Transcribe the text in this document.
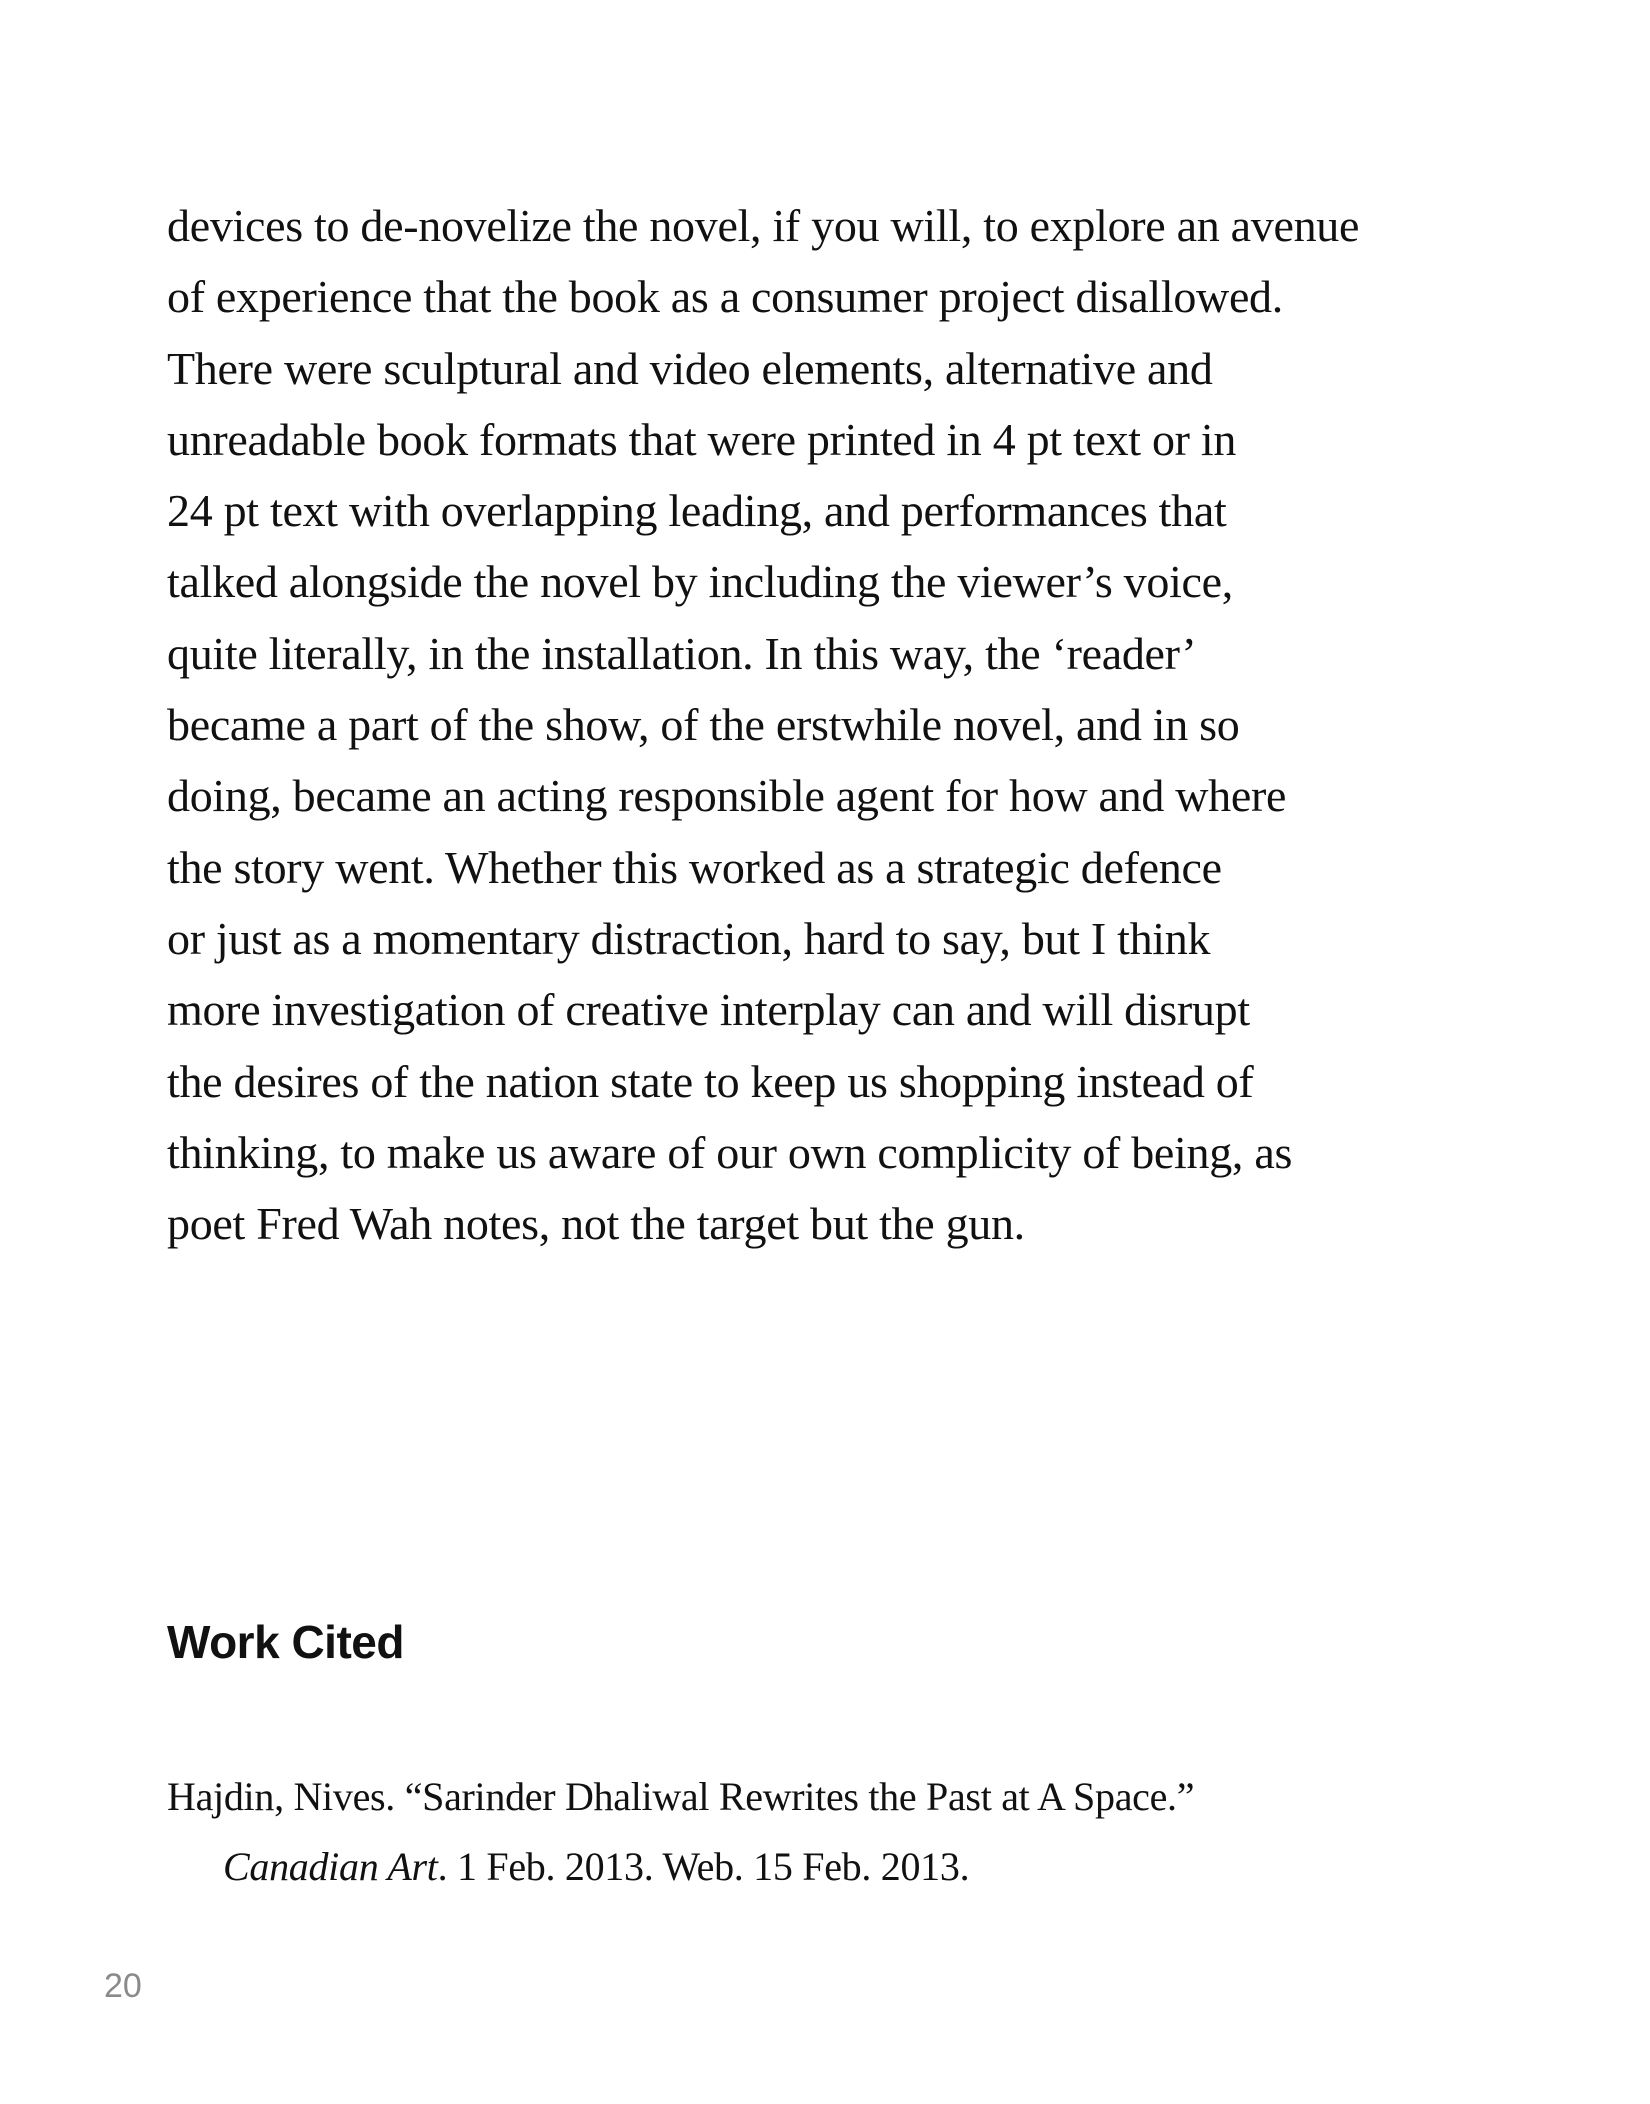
devices to de-novelize the novel, if you will, to explore an avenue
of experience that the book as a consumer project disallowed.
There were sculptural and video elements, alternative and
unreadable book formats that were printed in 4 pt text or in
24 pt text with overlapping leading, and performances that
talked alongside the novel by including the viewer’s voice,
quite literally, in the installation. In this way, the ‘reader’
became a part of the show, of the erstwhile novel, and in so
doing, became an acting responsible agent for how and where
the story went. Whether this worked as a strategic defence
or just as a momentary distraction, hard to say, but I think
more investigation of creative interplay can and will disrupt
the desires of the nation state to keep us shopping instead of
thinking, to make us aware of our own complicity of being, as
poet Fred Wah notes, not the target but the gun.
Work Cited
Hajdin, Nives. “Sarinder Dhaliwal Rewrites the Past at A Space.”
Canadian Art. 1 Feb. 2013. Web. 15 Feb. 2013.
20
